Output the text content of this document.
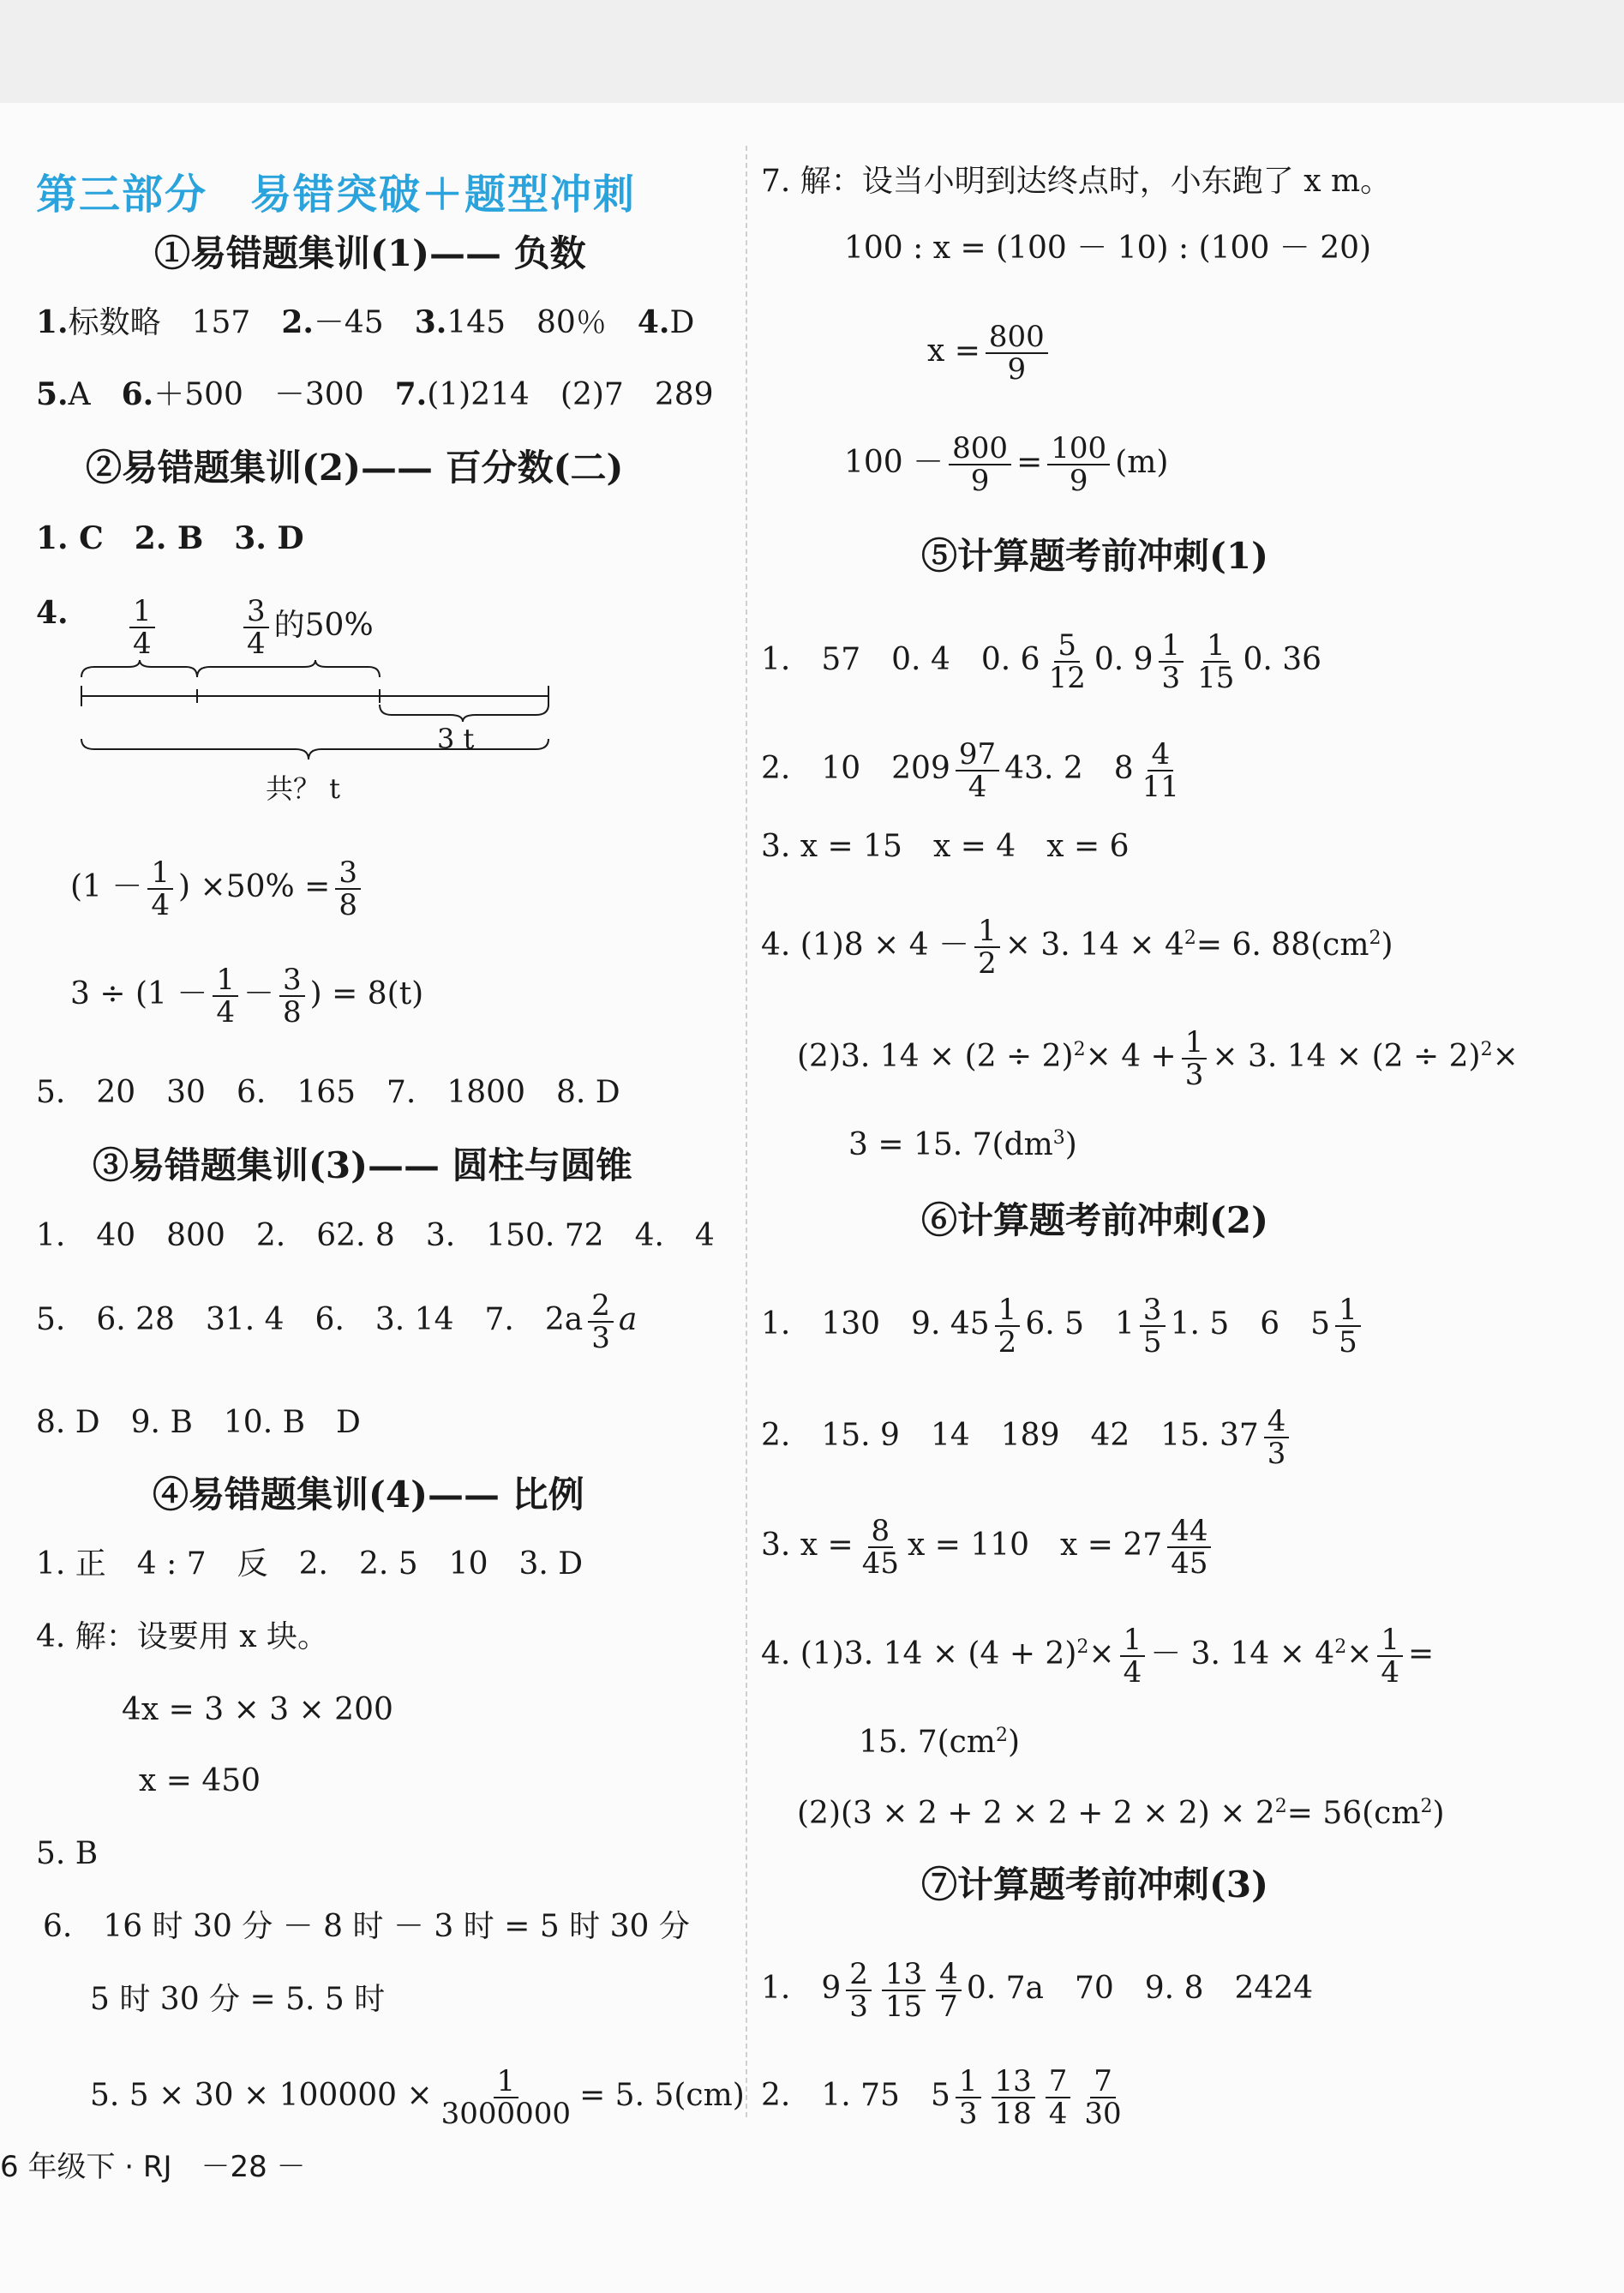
第三部分　易错突破＋题型冲刺
①易错题集训(1)—— 负数
1.标数略　157　2.－45　3.145　80％　4.D
5.A　6.＋500　－300　7.(1)214　(2)7　289
②易错题集训(2)—— 百分数(二)
1. C　2. B　3. D
4. $\frac{1}{4}$	$\frac{3}{4}$ 的50%
3 t
共？ t
($1 - \frac{1}{4}$ ) $\times 50\% = \frac{3}{8}$
$3 \div (1 - \frac{1}{4} - \frac{3}{8}$ ) = 8(t)
5.　20　30　6.　165　7.　1800　8. D
③易错题集训(3)—— 圆柱与圆锥
1.　40　800　2.　62. 8　3.　150. 72　4.　4
5.　6. 28　31. 4　6.　3. 14　7.　$2a \frac{2}{3}$ a
8. D　9. B　10. B　D
④易错题集训(4)—— 比例
1. 正　4 : 7　反　2.　2. 5　10　3. D
4. 解：设要用 x 块。
4x = 3 × 3 × 200
x = 450
5. B
6.　16 时 30 分 － 8 时 － 3 时 = 5 时 30 分
5 时 30 分 = 5. 5 时
5. $5 \times 30 \times 100000 \times \frac{1}{3000000} = 5$. 5(cm)
7. 解：设当小明到达终点时，小东跑了 x m。
100 : x = (100 － 10) : (100 － 20)
$x = \frac{800}{9}$
$100 - \frac{800}{9} = \frac{100}{9} (m)$
⑤计算题考前冲刺(1)
1.　57　0. 4　0. $6 \frac{5}{12} 0$. $9 \frac{1}{3} \frac{1}{15} 0$. 36
2.　10　$209 \frac{97}{4} 43$. 2　$8 \frac{4}{11}$
3. x = 15　x = 4　x = 6
4. $(1)8 \times 4 - \frac{1}{2} \times 3$. $14 \times 4^2= 6$. $88(cm^2)$
(2)3. $14 \times (2 \div 2)^2\times 4 + \frac{1}{3} \times 3$. $14 \times (2 \div 2)^2\times$
3 = 15. $7(dm^3)$
⑥计算题考前冲刺(2)
1.　130　9. $45 \frac{1}{2} 6$. 5　$1 \frac{3}{5} 1$. 5　6　$5 \frac{1}{5}$
2.　15. 9　14　189　42　15. $37 \frac{4}{3}$
3. $x = \frac{8}{45}$ x = 110　$x = 27 \frac{44}{45}$
4. (1)3. $14 \times (4 + 2)^2\times \frac{1}{4} - 3$. $14 \times 4^2\times \frac{1}{4}$ =
15. $7(cm^2)$
$(2)(3 \times 2 + 2 \times 2 + 2 \times 2) \times 2^2= 56(cm^2)$
⑦计算题考前冲刺(3)
1.　$9 \frac{2}{3} \frac{13}{15} \frac{4}{7} 0$. 7a　70　9. 8　2424
2.　1. 75　$5 \frac{1}{3} \frac{13}{18} \frac{7}{4} \frac{7}{30}$
6 年级下 · RJ　－28 －
